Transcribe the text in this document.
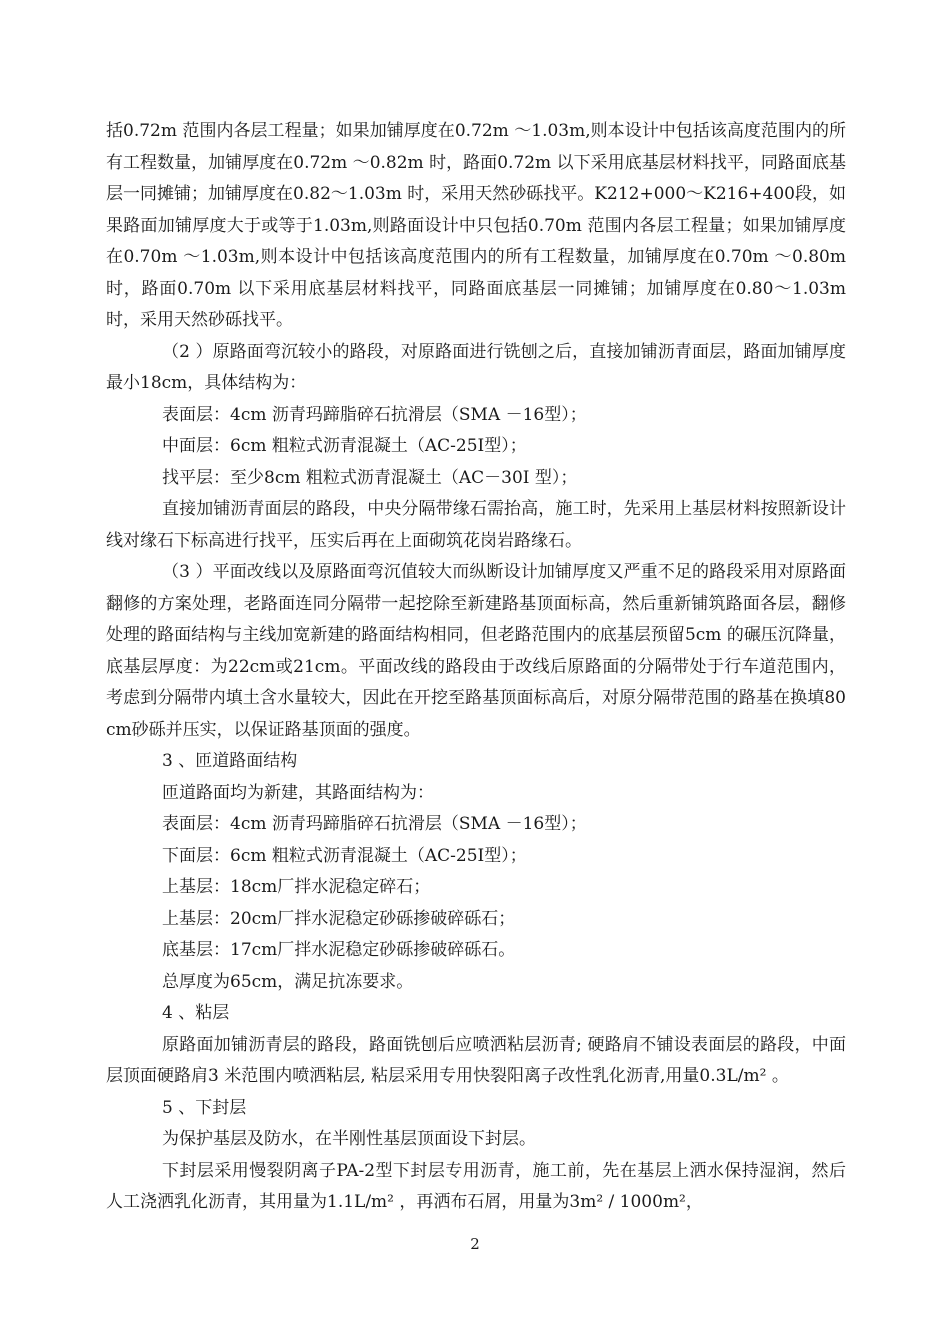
括0.72m 范围内各层工程量；如果加铺厚度在0.72m ～1.03m,则本设计中包括该高度范围内的所有工程数量，加铺厚度在0.72m ～0.82m 时，路面0.72m 以下采用底基层材料找平，同路面底基层一同摊铺；加铺厚度在0.82～1.03m 时，采用天然砂砾找平。K212+000～K216+400段，如果路面加铺厚度大于或等于1.03m,则路面设计中只包括0.70m 范围内各层工程量；如果加铺厚度在0.70m ～1.03m,则本设计中包括该高度范围内的所有工程数量，加铺厚度在0.70m ～0.80m 时，路面0.70m 以下采用底基层材料找平，同路面底基层一同摊铺；加铺厚度在0.80～1.03m 时，采用天然砂砾找平。

（2 ）原路面弯沉较小的路段，对原路面进行铣刨之后，直接加铺沥青面层，路面加铺厚度最小18cm，具体结构为：

表面层：4cm 沥青玛蹄脂碎石抗滑层（SMA －16型）；

中面层：6cm 粗粒式沥青混凝土（AC-25I型）；

找平层：至少8cm 粗粒式沥青混凝土（AC－30I 型）；

直接加铺沥青面层的路段，中央分隔带缘石需抬高，施工时，先采用上基层材料按照新设计线对缘石下标高进行找平，压实后再在上面砌筑花岗岩路缘石。

（3 ）平面改线以及原路面弯沉值较大而纵断设计加铺厚度又严重不足的路段采用对原路面翻修的方案处理，老路面连同分隔带一起挖除至新建路基顶面标高，然后重新铺筑路面各层，翻修处理的路面结构与主线加宽新建的路面结构相同，但老路范围内的底基层预留5cm 的碾压沉降量，底基层厚度：为22cm或21cm。平面改线的路段由于改线后原路面的分隔带处于行车道范围内，考虑到分隔带内填土含水量较大，因此在开挖至路基顶面标高后，对原分隔带范围的路基在换填80cm砂砾并压实，以保证路基顶面的强度。

3 、匝道路面结构

匝道路面均为新建，其路面结构为：

表面层：4cm 沥青玛蹄脂碎石抗滑层（SMA －16型）；

下面层：6cm 粗粒式沥青混凝土（AC-25I型）；

上基层：18cm厂拌水泥稳定碎石；

上基层：20cm厂拌水泥稳定砂砾掺破碎砾石；

底基层：17cm厂拌水泥稳定砂砾掺破碎砾石。

总厚度为65cm，满足抗冻要求。

4 、粘层

原路面加铺沥青层的路段，路面铣刨后应喷洒粘层沥青; 硬路肩不铺设表面层的路段，中面层顶面硬路肩3 米范围内喷洒粘层, 粘层采用专用快裂阳离子改性乳化沥青,用量0.3L/m² 。

5 、下封层

为保护基层及防水，在半刚性基层顶面设下封层。

下封层采用慢裂阴离子PA-2型下封层专用沥青，施工前，先在基层上洒水保持湿润，然后人工浇洒乳化沥青，其用量为1.1L/m² ，再洒布石屑，用量为3m² / 1000m²，

2
